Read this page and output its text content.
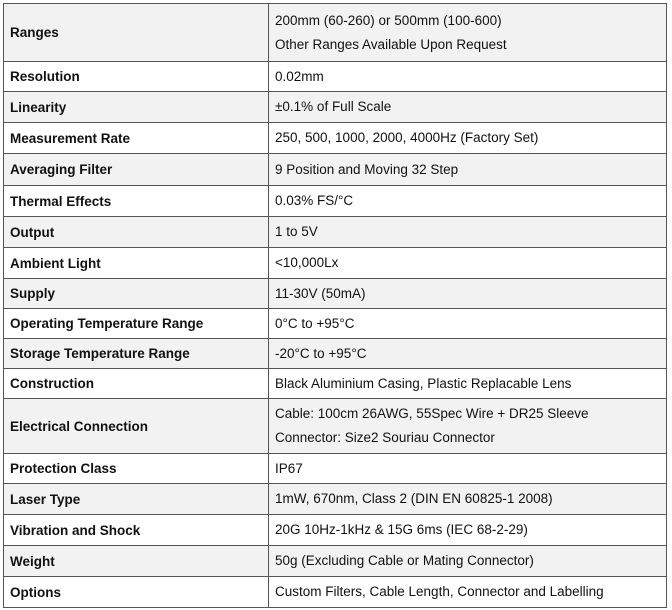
Ranges	200mm (60-260) or 500mm (100-600)
Other Ranges Available Upon Request

Resolution	0.02mm

Linearity	±0.1% of Full Scale

Measurement Rate	250, 500, 1000, 2000, 4000Hz (Factory Set)

Averaging Filter	9 Position and Moving 32 Step

Thermal Effects	0.03% FS/°C

Output	1 to 5V

Ambient Light	<10,000Lx

Supply	11-30V (50mA)

Operating Temperature Range	0°C to +95°C

Storage Temperature Range	-20°C to +95°C

Construction	Black Aluminium Casing, Plastic Replacable Lens

Electrical Connection	Cable: 100cm 26AWG, 55Spec Wire + DR25 Sleeve
Connector: Size2 Souriau Connector

Protection Class	IP67

Laser Type	1mW, 670nm, Class 2 (DIN EN 60825-1 2008)

Vibration and Shock	20G 10Hz-1kHz & 15G 6ms (IEC 68-2-29)

Weight	50g (Excluding Cable or Mating Connector)

Options	Custom Filters, Cable Length, Connector and Labelling
